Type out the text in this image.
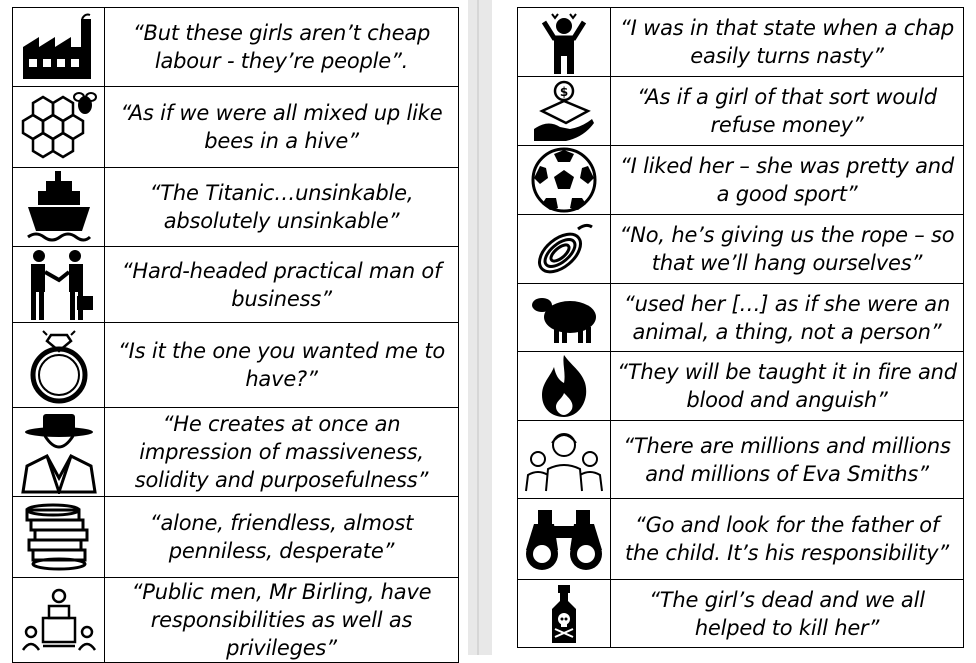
	“But these girls aren’t cheap labour - they’re people”.

	“As if we were all mixed up like bees in a hive”

	“The Titanic…unsinkable, absolutely unsinkable”

	“Hard-headed practical man of business”

	“Is it the one you wanted me to have?”

	“He creates at once an impression of massiveness, solidity and purposefulness”

	“alone, friendless, almost penniless, desperate”

	“Public men, Mr Birling, have responsibilities as well as privileges”
	“I was in that state when a chap easily turns nasty”

$	“As if a girl of that sort would refuse money”

	“I liked her – she was pretty and a good sport”

	“No, he’s giving us the rope – so that we’ll hang ourselves”

	“used her […] as if she were an animal, a thing, not a person”

	“They will be taught it in fire and blood and anguish”

	“There are millions and millions and millions of Eva Smiths”

	“Go and look for the father of the child. It’s his responsibility”

	“The girl’s dead and we all helped to kill her”
